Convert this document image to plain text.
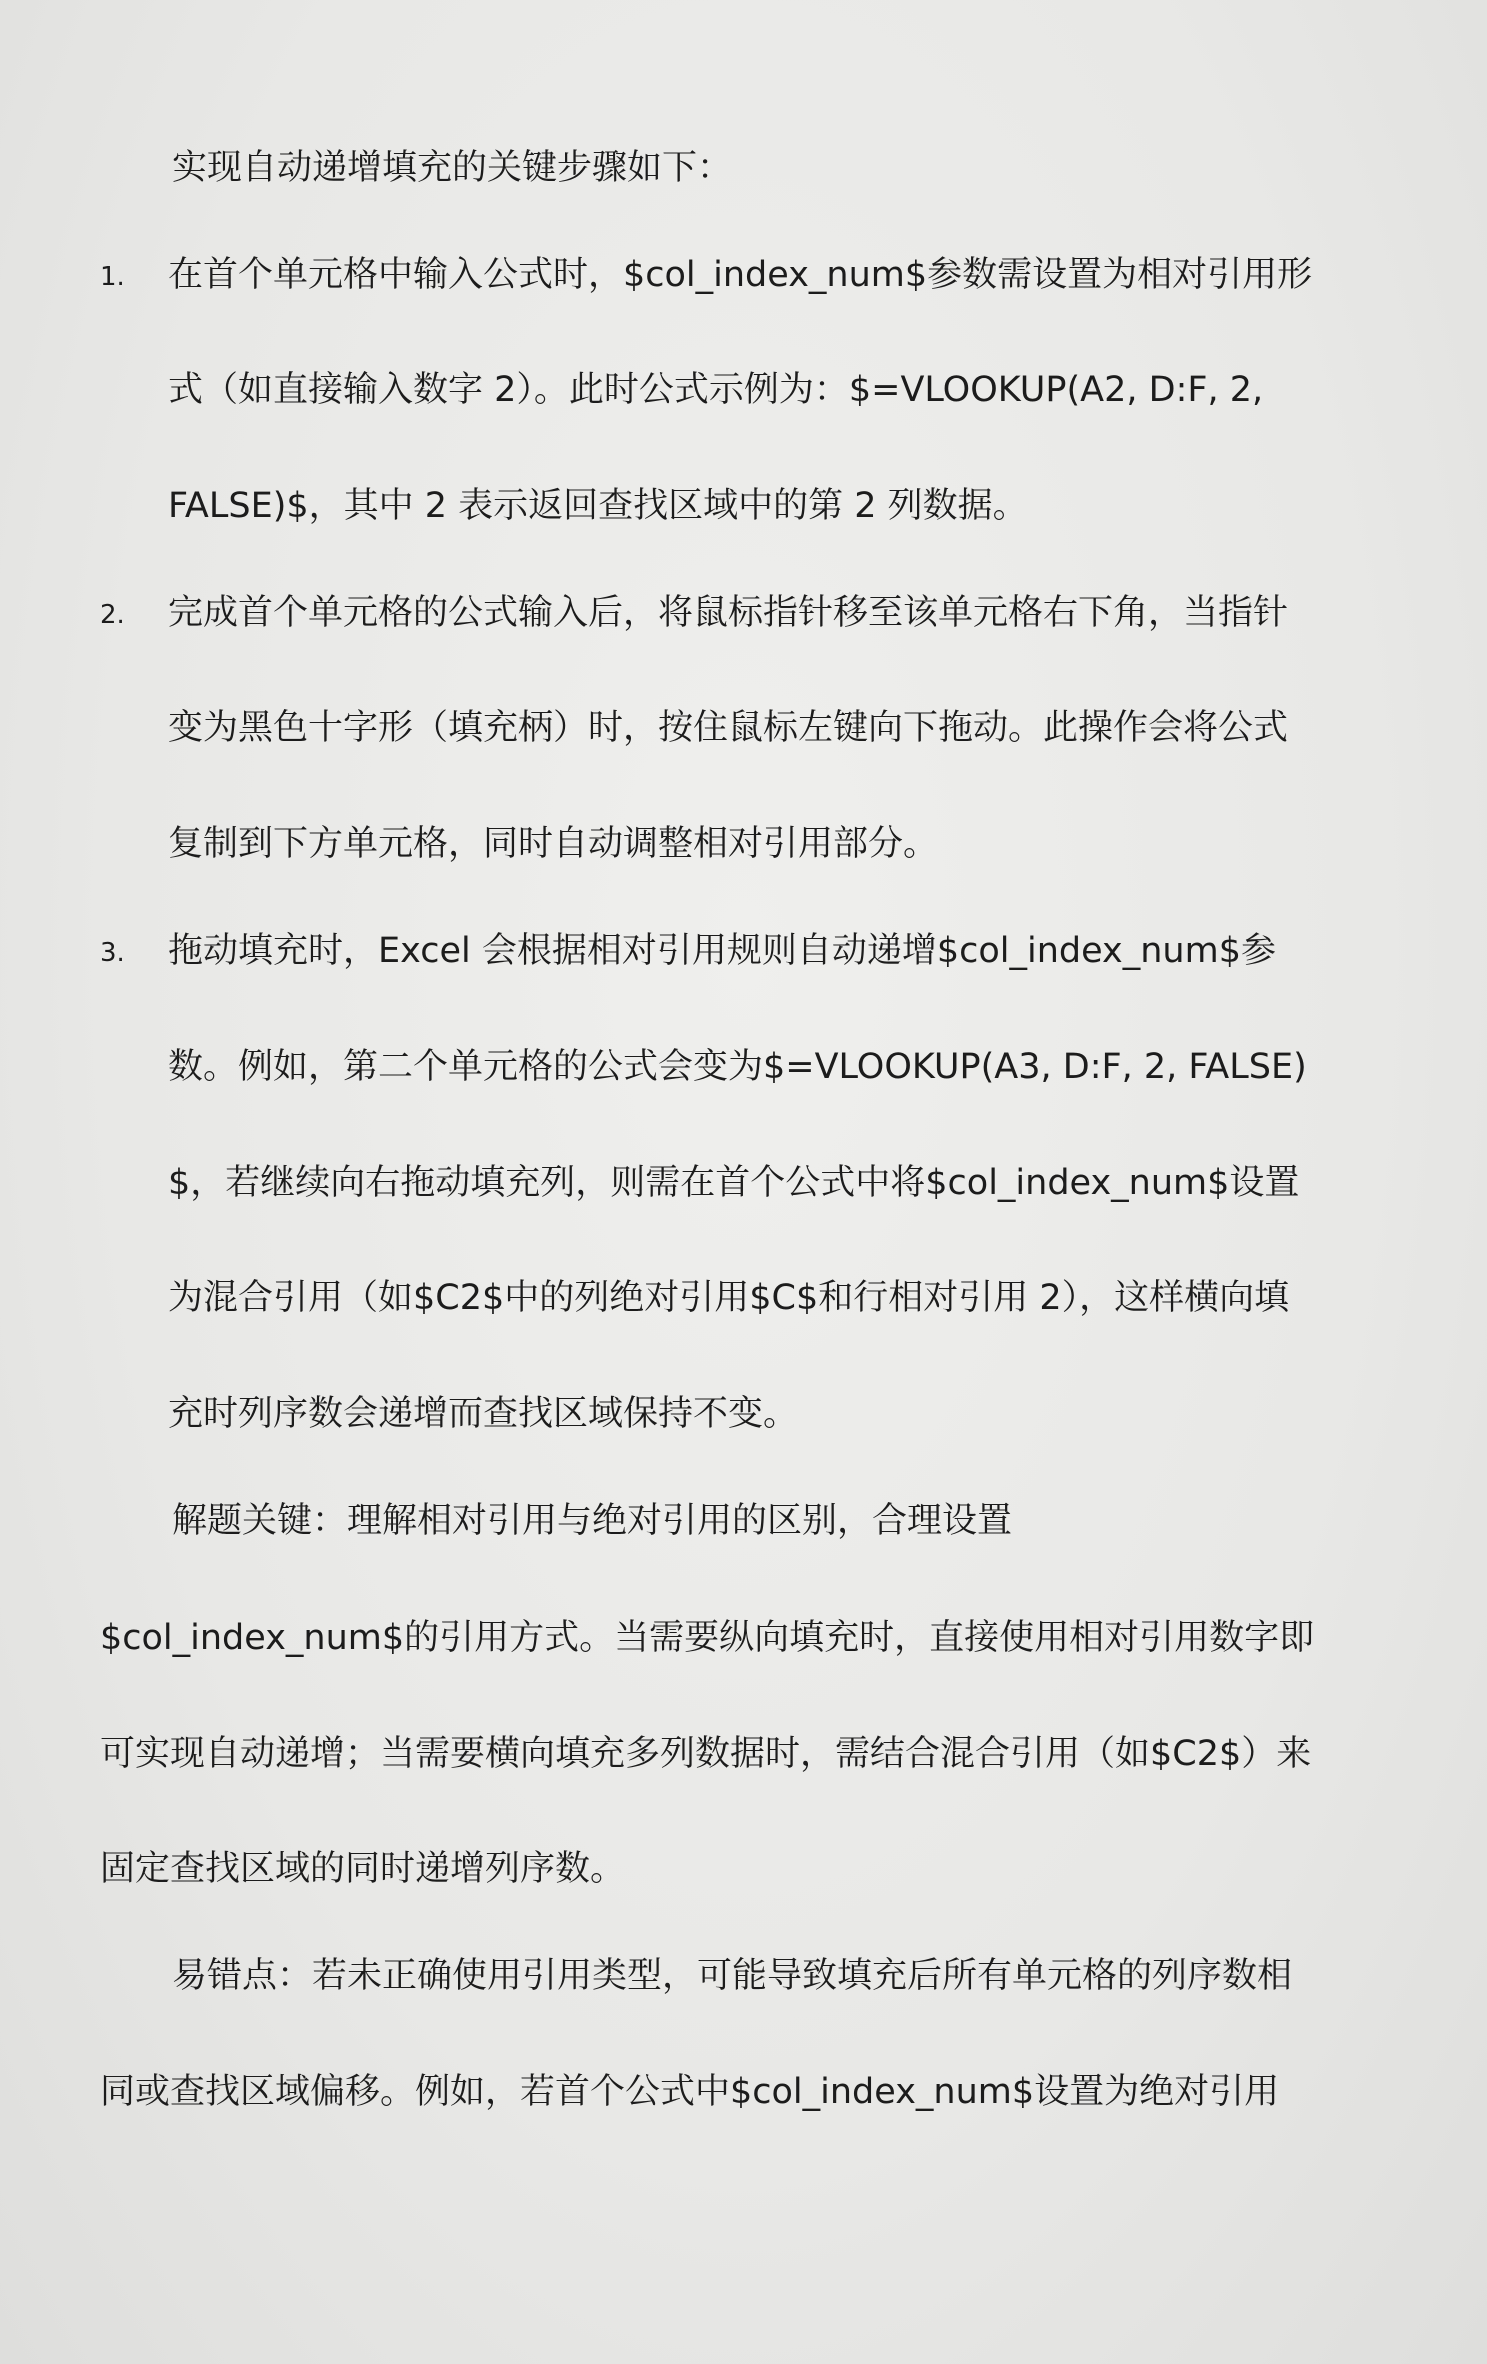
实现自动递增填充的关键步骤如下：
1. 在首个单元格中输入公式时，$col_index_num$参数需设置为相对引用形
式（如直接输入数字 2）。此时公式示例为：$=VLOOKUP(A2, D:F, 2,
FALSE)$，其中 2 表示返回查找区域中的第 2 列数据。
2. 完成首个单元格的公式输入后，将鼠标指针移至该单元格右下角，当指针
变为黑色十字形（填充柄）时，按住鼠标左键向下拖动。此操作会将公式
复制到下方单元格，同时自动调整相对引用部分。
3. 拖动填充时，Excel 会根据相对引用规则自动递增$col_index_num$参
数。例如，第二个单元格的公式会变为$=VLOOKUP(A3, D:F, 2, FALSE)
$，若继续向右拖动填充列，则需在首个公式中将$col_index_num$设置
为混合引用（如$C2$中的列绝对引用$C$和行相对引用 2），这样横向填
充时列序数会递增而查找区域保持不变。
解题关键：理解相对引用与绝对引用的区别，合理设置
$col_index_num$的引用方式。当需要纵向填充时，直接使用相对引用数字即
可实现自动递增；当需要横向填充多列数据时，需结合混合引用（如$C2$）来
固定查找区域的同时递增列序数。
易错点：若未正确使用引用类型，可能导致填充后所有单元格的列序数相
同或查找区域偏移。例如，若首个公式中$col_index_num$设置为绝对引用
